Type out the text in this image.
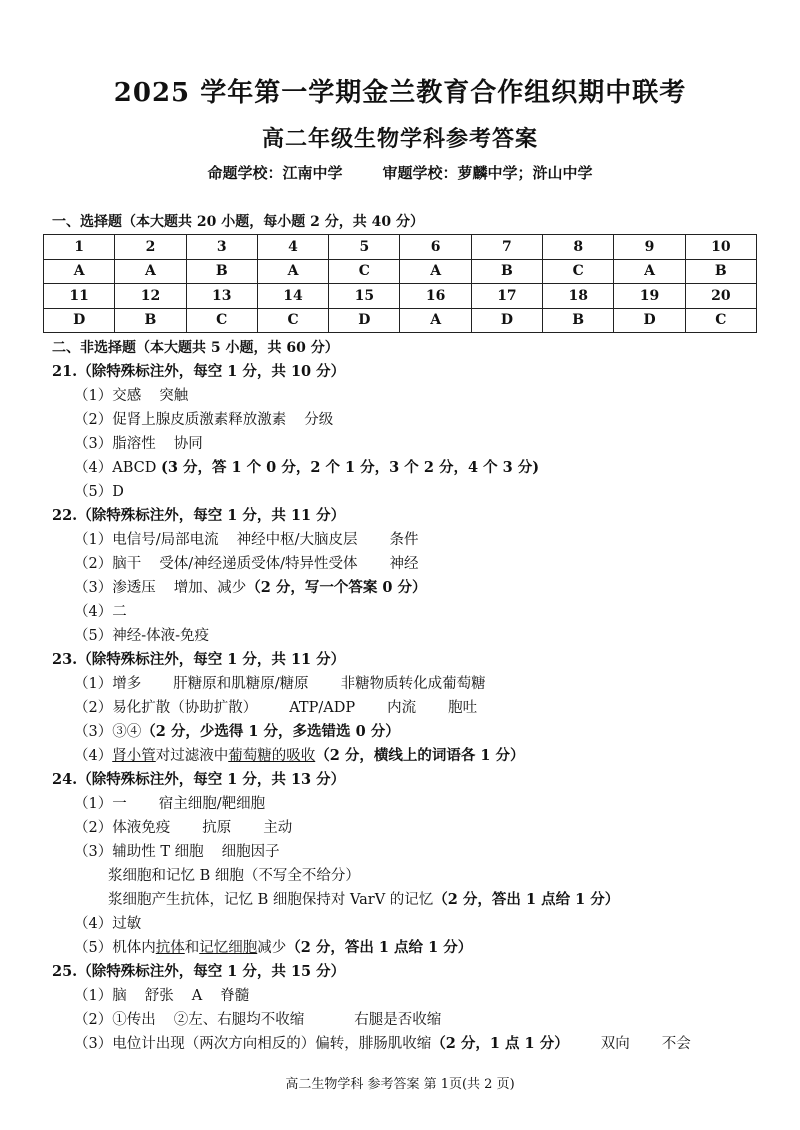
2025 学年第一学期金兰教育合作组织期中联考
高二年级生物学科参考答案
命题学校：江南中学	审题学校：萝麟中学；浒山中学
一、选择题（本大题共 20 小题，每小题 2 分，共 40 分）
1	2	3	4	5	6	7	8	9	10
A	A	B	A	C	A	B	C	A	B
11	12	13	14	15	16	17	18	19	20
D	B	C	C	D	A	D	B	D	C
二、非选择题（本大题共 5 小题，共 60 分）
21.（除特殊标注外，每空 1 分，共 10 分）
（1）交感 突触
（2）促肾上腺皮质激素释放激素 分级
（3）脂溶性 协同
（4）ABCD (3 分，答 1 个 0 分，2 个 1 分，3 个 2 分，4 个 3 分)
（5）D
22.（除特殊标注外，每空 1 分，共 11 分）
（1）电信号/局部电流 神经中枢/大脑皮层 条件
（2）脑干 受体/神经递质受体/特异性受体 神经
（3）渗透压 增加、减少（2 分，写一个答案 0 分）
（4）二
（5）神经-体液-免疫
23.（除特殊标注外，每空 1 分，共 11 分）
（1）增多 肝糖原和肌糖原/糖原 非糖物质转化成葡萄糖
（2）易化扩散（协助扩散） ATP/ADP 内流 胞吐
（3）③④（2 分，少选得 1 分，多选错选 0 分）
（4）肾小管对过滤液中葡萄糖的吸收（2 分，横线上的词语各 1 分）
24.（除特殊标注外，每空 1 分，共 13 分）
（1）一 宿主细胞/靶细胞
（2）体液免疫 抗原 主动
（3）辅助性 T 细胞 细胞因子
浆细胞和记忆 B 细胞（不写全不给分）
浆细胞产生抗体，记忆 B 细胞保持对 VarV 的记忆（2 分，答出 1 点给 1 分）
（4）过敏
（5）机体内抗体和记忆细胞减少（2 分，答出 1 点给 1 分）
25.（除特殊标注外，每空 1 分，共 15 分）
（1）脑 舒张 A 脊髓
（2）①传出 ②左、右腿均不收缩	右腿是否收缩
（3）电位计出现（两次方向相反的）偏转，腓肠肌收缩（2 分，1 点 1 分） 双向 不会
高二生物学科 参考答案 第 1页(共 2 页)
